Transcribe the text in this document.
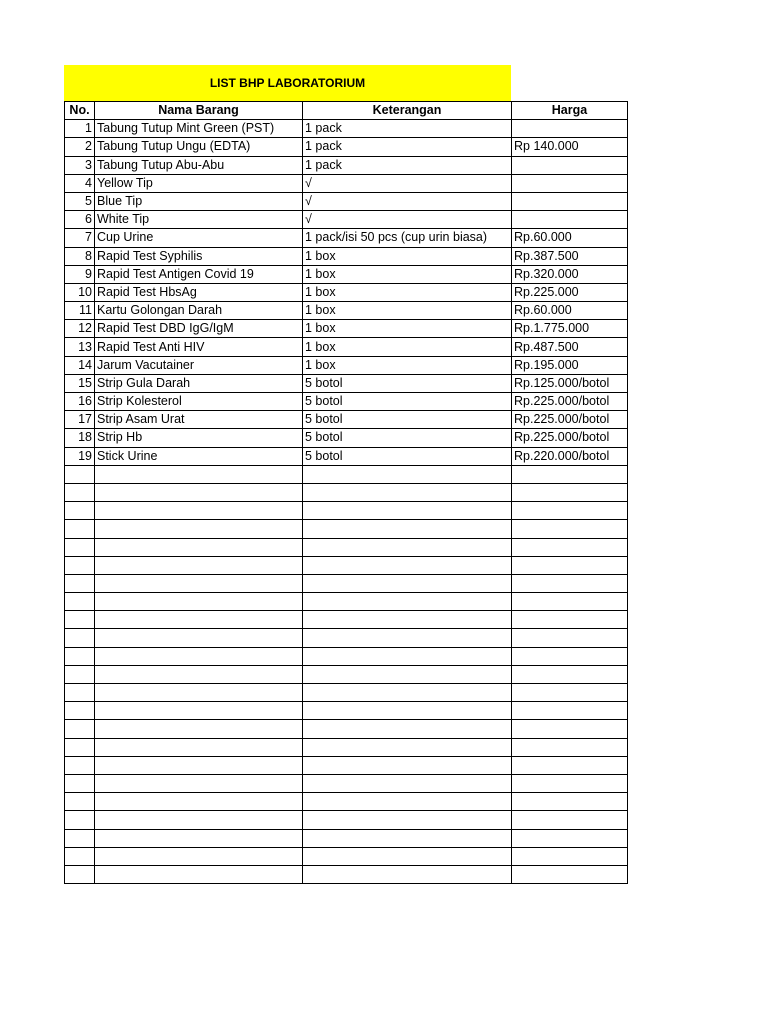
LIST BHP LABORATORIUM
No.	Nama Barang	Keterangan	Harga
1	Tabung Tutup Mint Green (PST)	1 pack	
2	Tabung Tutup Ungu (EDTA)	1 pack	Rp 140.000
3	Tabung Tutup Abu-Abu	1 pack	
4	Yellow Tip	√	
5	Blue Tip	√	
6	White Tip	√	
7	Cup Urine	1 pack/isi 50 pcs (cup urin biasa)	Rp.60.000
8	Rapid Test Syphilis	1 box	Rp.387.500
9	Rapid Test Antigen Covid 19	1 box	Rp.320.000
10	Rapid Test HbsAg	1 box	Rp.225.000
11	Kartu Golongan Darah	1 box	Rp.60.000
12	Rapid Test DBD IgG/IgM	1 box	Rp.1.775.000
13	Rapid Test Anti HIV	1 box	Rp.487.500
14	Jarum Vacutainer	1 box	Rp.195.000
15	Strip Gula Darah	5 botol	Rp.125.000/botol
16	Strip Kolesterol	5 botol	Rp.225.000/botol
17	Strip Asam Urat	5 botol	Rp.225.000/botol
18	Strip Hb	5 botol	Rp.225.000/botol
19	Stick Urine	5 botol	Rp.220.000/botol
